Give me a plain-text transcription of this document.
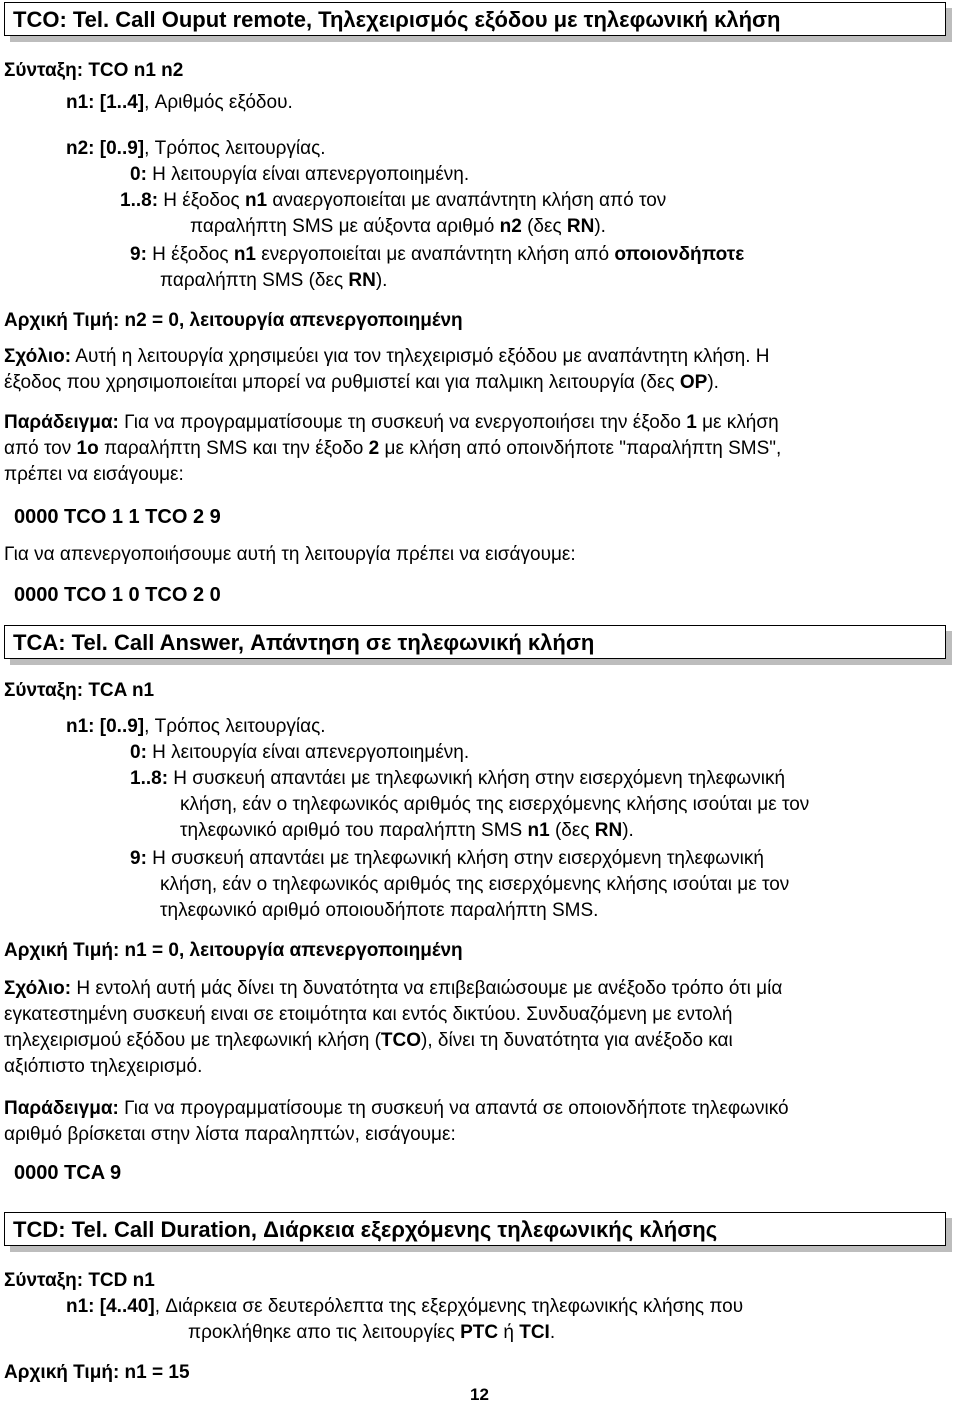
TCO: Tel. Call Ouput remote, Τηλεχειρισμός εξόδου με τηλεφωνική κλήση
Σύνταξη: TCO n1 n2
n1: [1..4], Αριθμός εξόδου.
n2: [0..9], Τρόπος λειτουργίας.
0: Η λειτουργία είναι απενεργοποιημένη.
1..8: Η έξοδος n1 αναεργοποιείται με αναπάντητη κλήση από τον
παραλήπτη SMS με αύξοντα αριθμό n2 (δες RN).
9: Η έξοδος n1 ενεργοποιείται με αναπάντητη κλήση από οποιονδήποτε
παραλήπτη SMS (δες RN).
Αρχική Τιμή: n2 = 0, λειτουργία απενεργοποιημένη
Σχόλιο: Αυτή η λειτουργία χρησιμεύει για τον τηλεχειρισμό εξόδου με αναπάντητη κλήση. Η
έξοδος που χρησιμοποιείται μπορεί να ρυθμιστεί και για παλμικη λειτουργία (δες OP).
Παράδειγμα: Για να προγραμματίσουμε τη συσκευή να ενεργοποιήσει την έξοδο 1 με κλήση
από τον 1ο παραλήπτη SMS και την έξοδο 2 με κλήση από οποινδήποτε "παραλήπτη SMS",
πρέπει να εισάγουμε:
0000 TCO 1 1 TCO 2 9
Για να απενεργοποιήσουμε αυτή τη λειτουργία πρέπει να εισάγουμε:
0000 TCO 1 0 TCO 2 0
TCA: Tel. Call Answer, Απάντηση σε τηλεφωνική κλήση
Σύνταξη: TCA n1
n1: [0..9], Τρόπος λειτουργίας.
0: Η λειτουργία είναι απενεργοποιημένη.
1..8: Η συσκευή απαντάει με τηλεφωνική κλήση στην εισερχόμενη τηλεφωνική
κλήση, εάν ο τηλεφωνικός αριθμός της εισερχόμενης κλήσης ισούται με τον
τηλεφωνικό αριθμό του παραλήπτη SMS n1 (δες RN).
9: Η συσκευή απαντάει με τηλεφωνική κλήση στην εισερχόμενη τηλεφωνική
κλήση, εάν ο τηλεφωνικός αριθμός της εισερχόμενης κλήσης ισούται με τον
τηλεφωνικό αριθμό οποιουδήποτε παραλήπτη SMS.
Αρχική Τιμή: n1 = 0, λειτουργία απενεργοποιημένη
Σχόλιο: Η εντολή αυτή μάς δίνει τη δυνατότητα να επιβεβαιώσουμε με ανέξοδο τρόπο ότι μία
εγκατεστημένη συσκευή ειναι σε ετοιμότητα και εντός δικτύου. Συνδυαζόμενη με εντολή
τηλεχειρισμού εξόδου με τηλεφωνική κλήση (TCO), δίνει τη δυνατότητα για ανέξοδο και
αξιόπιστο τηλεχειρισμό.
Παράδειγμα: Για να προγραμματίσουμε τη συσκευή να απαντά σε οποιονδήποτε τηλεφωνικό
αριθμό βρίσκεται στην λίστα παραληπτών, εισάγουμε:
0000 TCA 9
TCD: Tel. Call Duration, Διάρκεια εξερχόμενης τηλεφωνικής κλήσης
Σύνταξη: TCD n1
n1: [4..40], Διάρκεια σε δευτερόλεπτα της εξερχόμενης τηλεφωνικής κλήσης που
προκλήθηκε απο τις λειτουργίες PTC ή TCI.
Αρχική Τιμή: n1 = 15
12
